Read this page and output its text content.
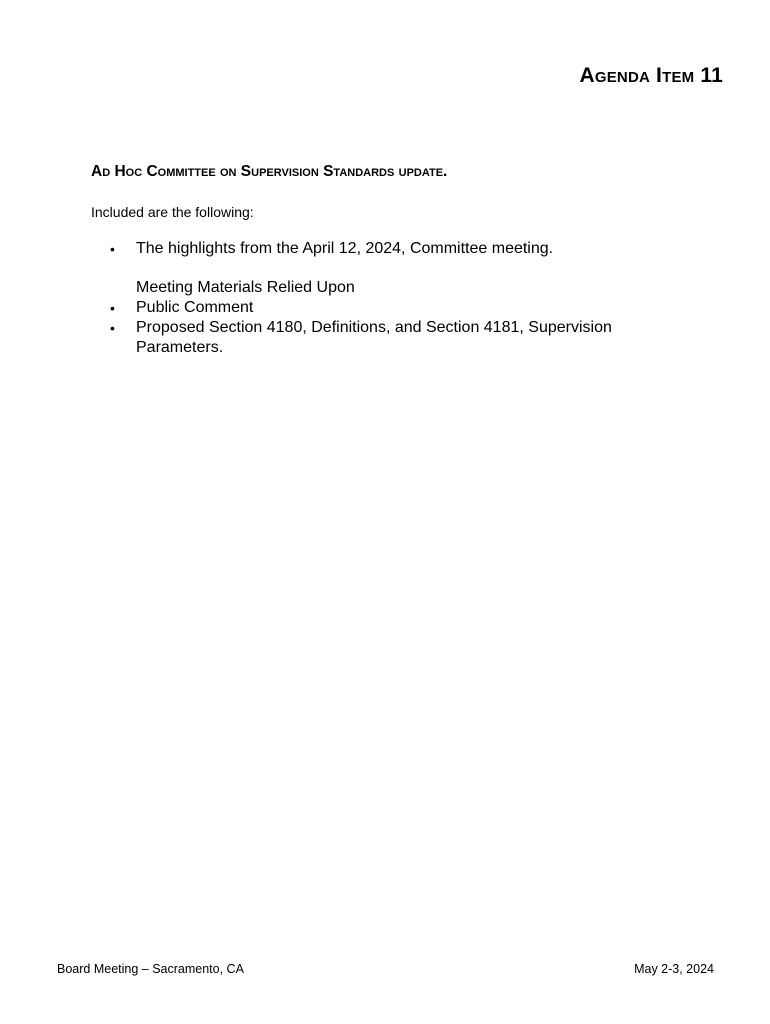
Agenda Item 11
Ad Hoc Committee on Supervision Standards update.
Included are the following:
•	The highlights from the April 12, 2024, Committee meeting.
Meeting Materials Relied Upon
•	Public Comment
•	Proposed Section 4180, Definitions, and Section 4181, Supervision Parameters.
Board Meeting – Sacramento, CA	May 2-3, 2024
